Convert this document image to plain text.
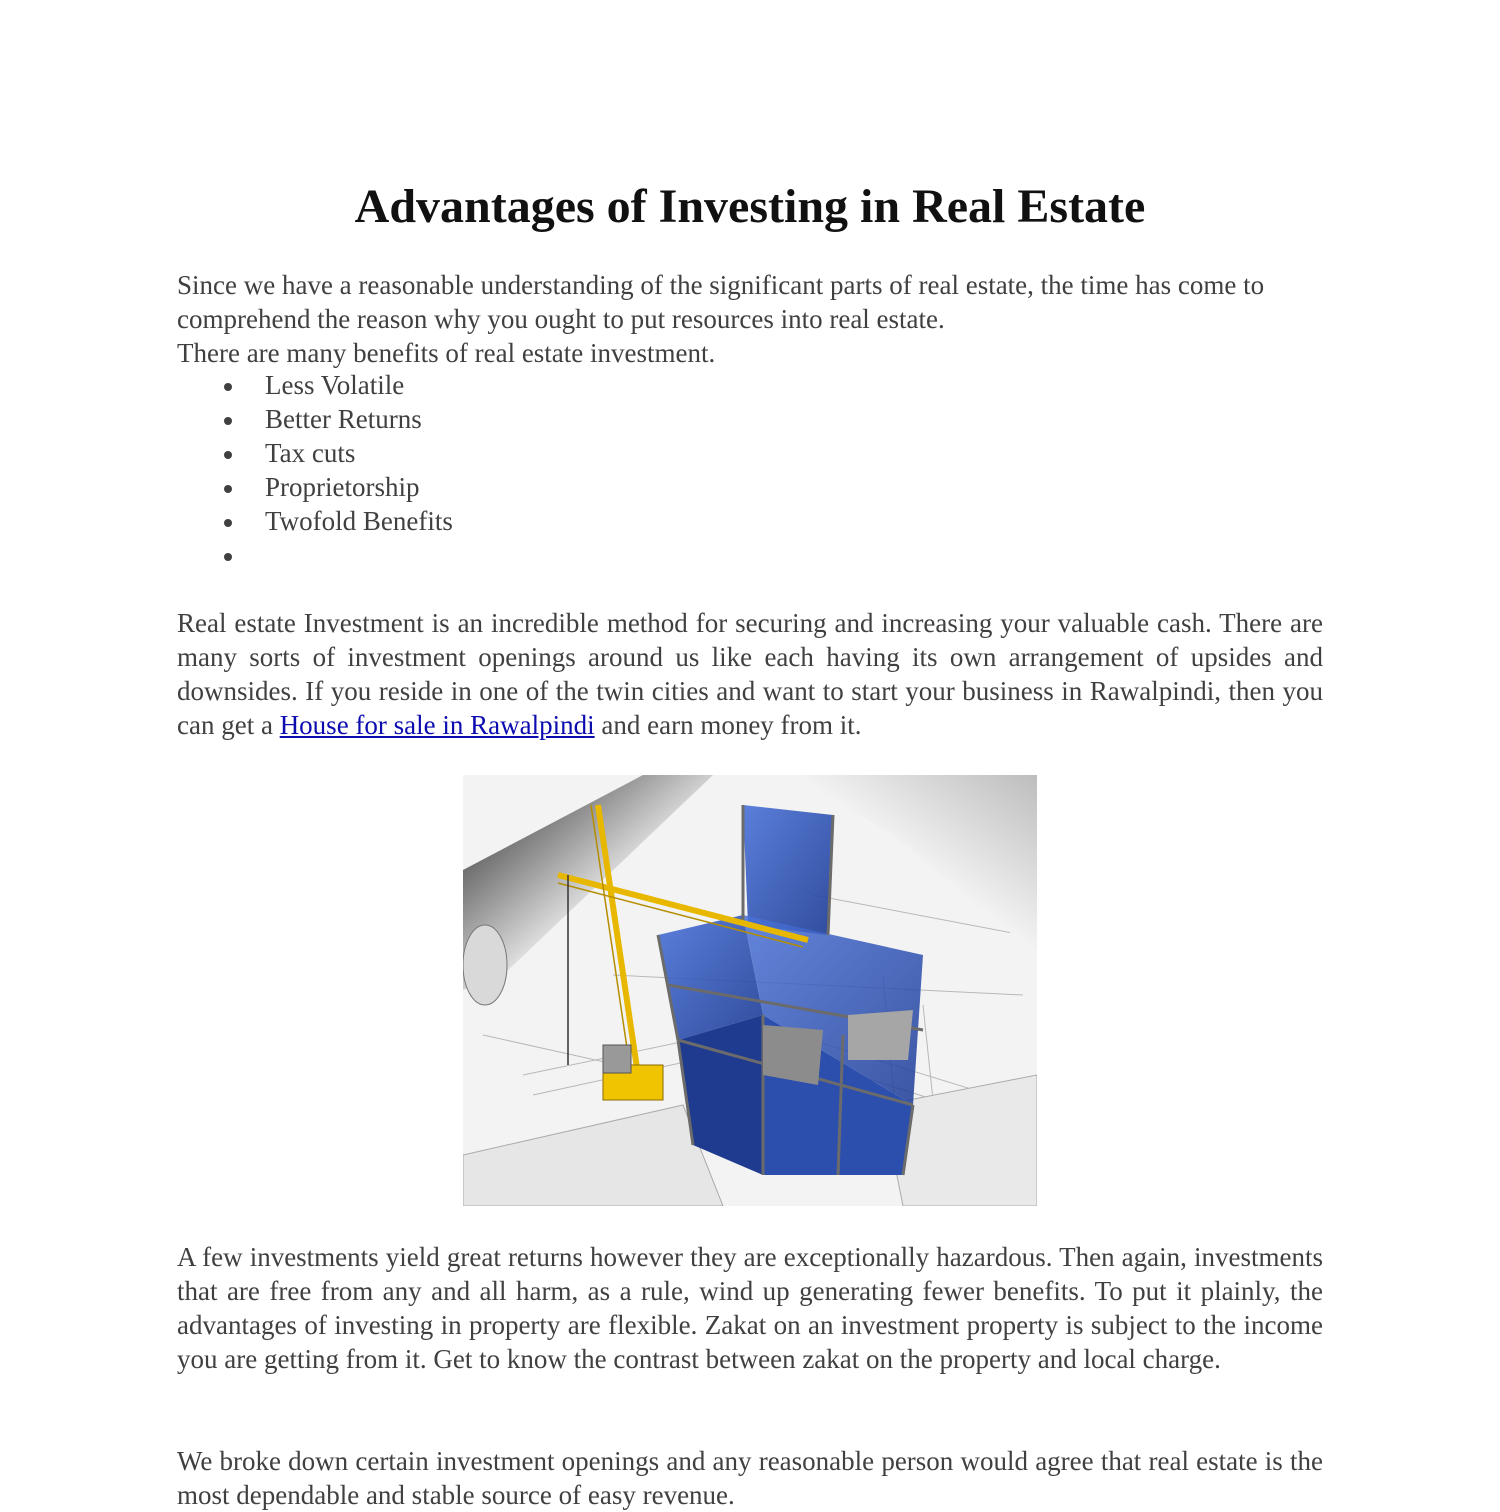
Advantages of Investing in Real Estate
Since we have a reasonable understanding of the significant parts of real estate, the time has come to comprehend the reason why you ought to put resources into real estate.
There are many benefits of real estate investment.
Less Volatile
Better Returns
Tax cuts
Proprietorship
Twofold Benefits

Real estate Investment is an incredible method for securing and increasing your valuable cash. There are many sorts of investment openings around us like each having its own arrangement of upsides and downsides. If you reside in one of the twin cities and want to start your business in Rawalpindi, then you can get a House for sale in Rawalpindi and earn money from it.

A few investments yield great returns however they are exceptionally hazardous. Then again, investments that are free from any and all harm, as a rule, wind up generating fewer benefits. To put it plainly, the advantages of investing in property are flexible. Zakat on an investment property is subject to the income you are getting from it. Get to know the contrast between zakat on the property and local charge.

We broke down certain investment openings and any reasonable person would agree that real estate is the most dependable and stable source of easy revenue.
